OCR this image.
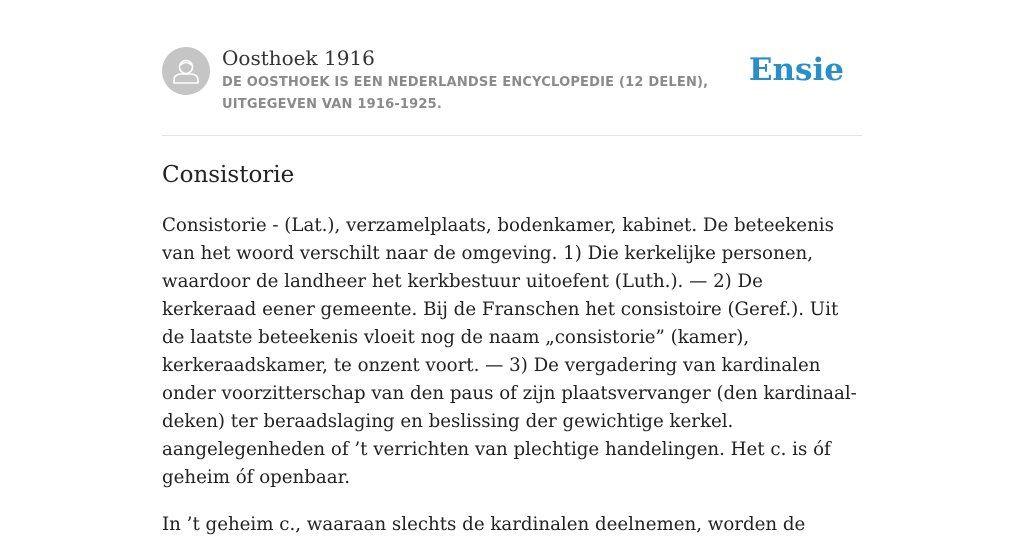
Oosthoek 1916
DE OOSTHOEK IS EEN NEDERLANDSE ENCYCLOPEDIE (12 DELEN), UITGEGEVEN VAN 1916-1925.
Ensie
Consistorie

Consistorie - (Lat.), verzamelplaats, bodenkamer, kabinet. De beteekenis van het woord verschilt naar de omgeving. 1) Die kerkelijke personen, waardoor de landheer het kerkbestuur uitoefent (Luth.). — 2) De kerkeraad eener gemeente. Bij de Franschen het consistoire (Geref.). Uit de laatste beteekenis vloeit nog de naam „consistorie” (kamer), kerkeraadskamer, te onzent voort. — 3) De vergadering van kardinalen onder voorzitterschap van den paus of zijn plaatsvervanger (den kardinaal-deken) ter beraadslaging en beslissing der gewichtige kerkel. aangelegenheden of ’t verrichten van plechtige handelingen. Het c. is óf geheim óf openbaar.

In ’t geheim c., waaraan slechts de kardinalen deelnemen, worden de
